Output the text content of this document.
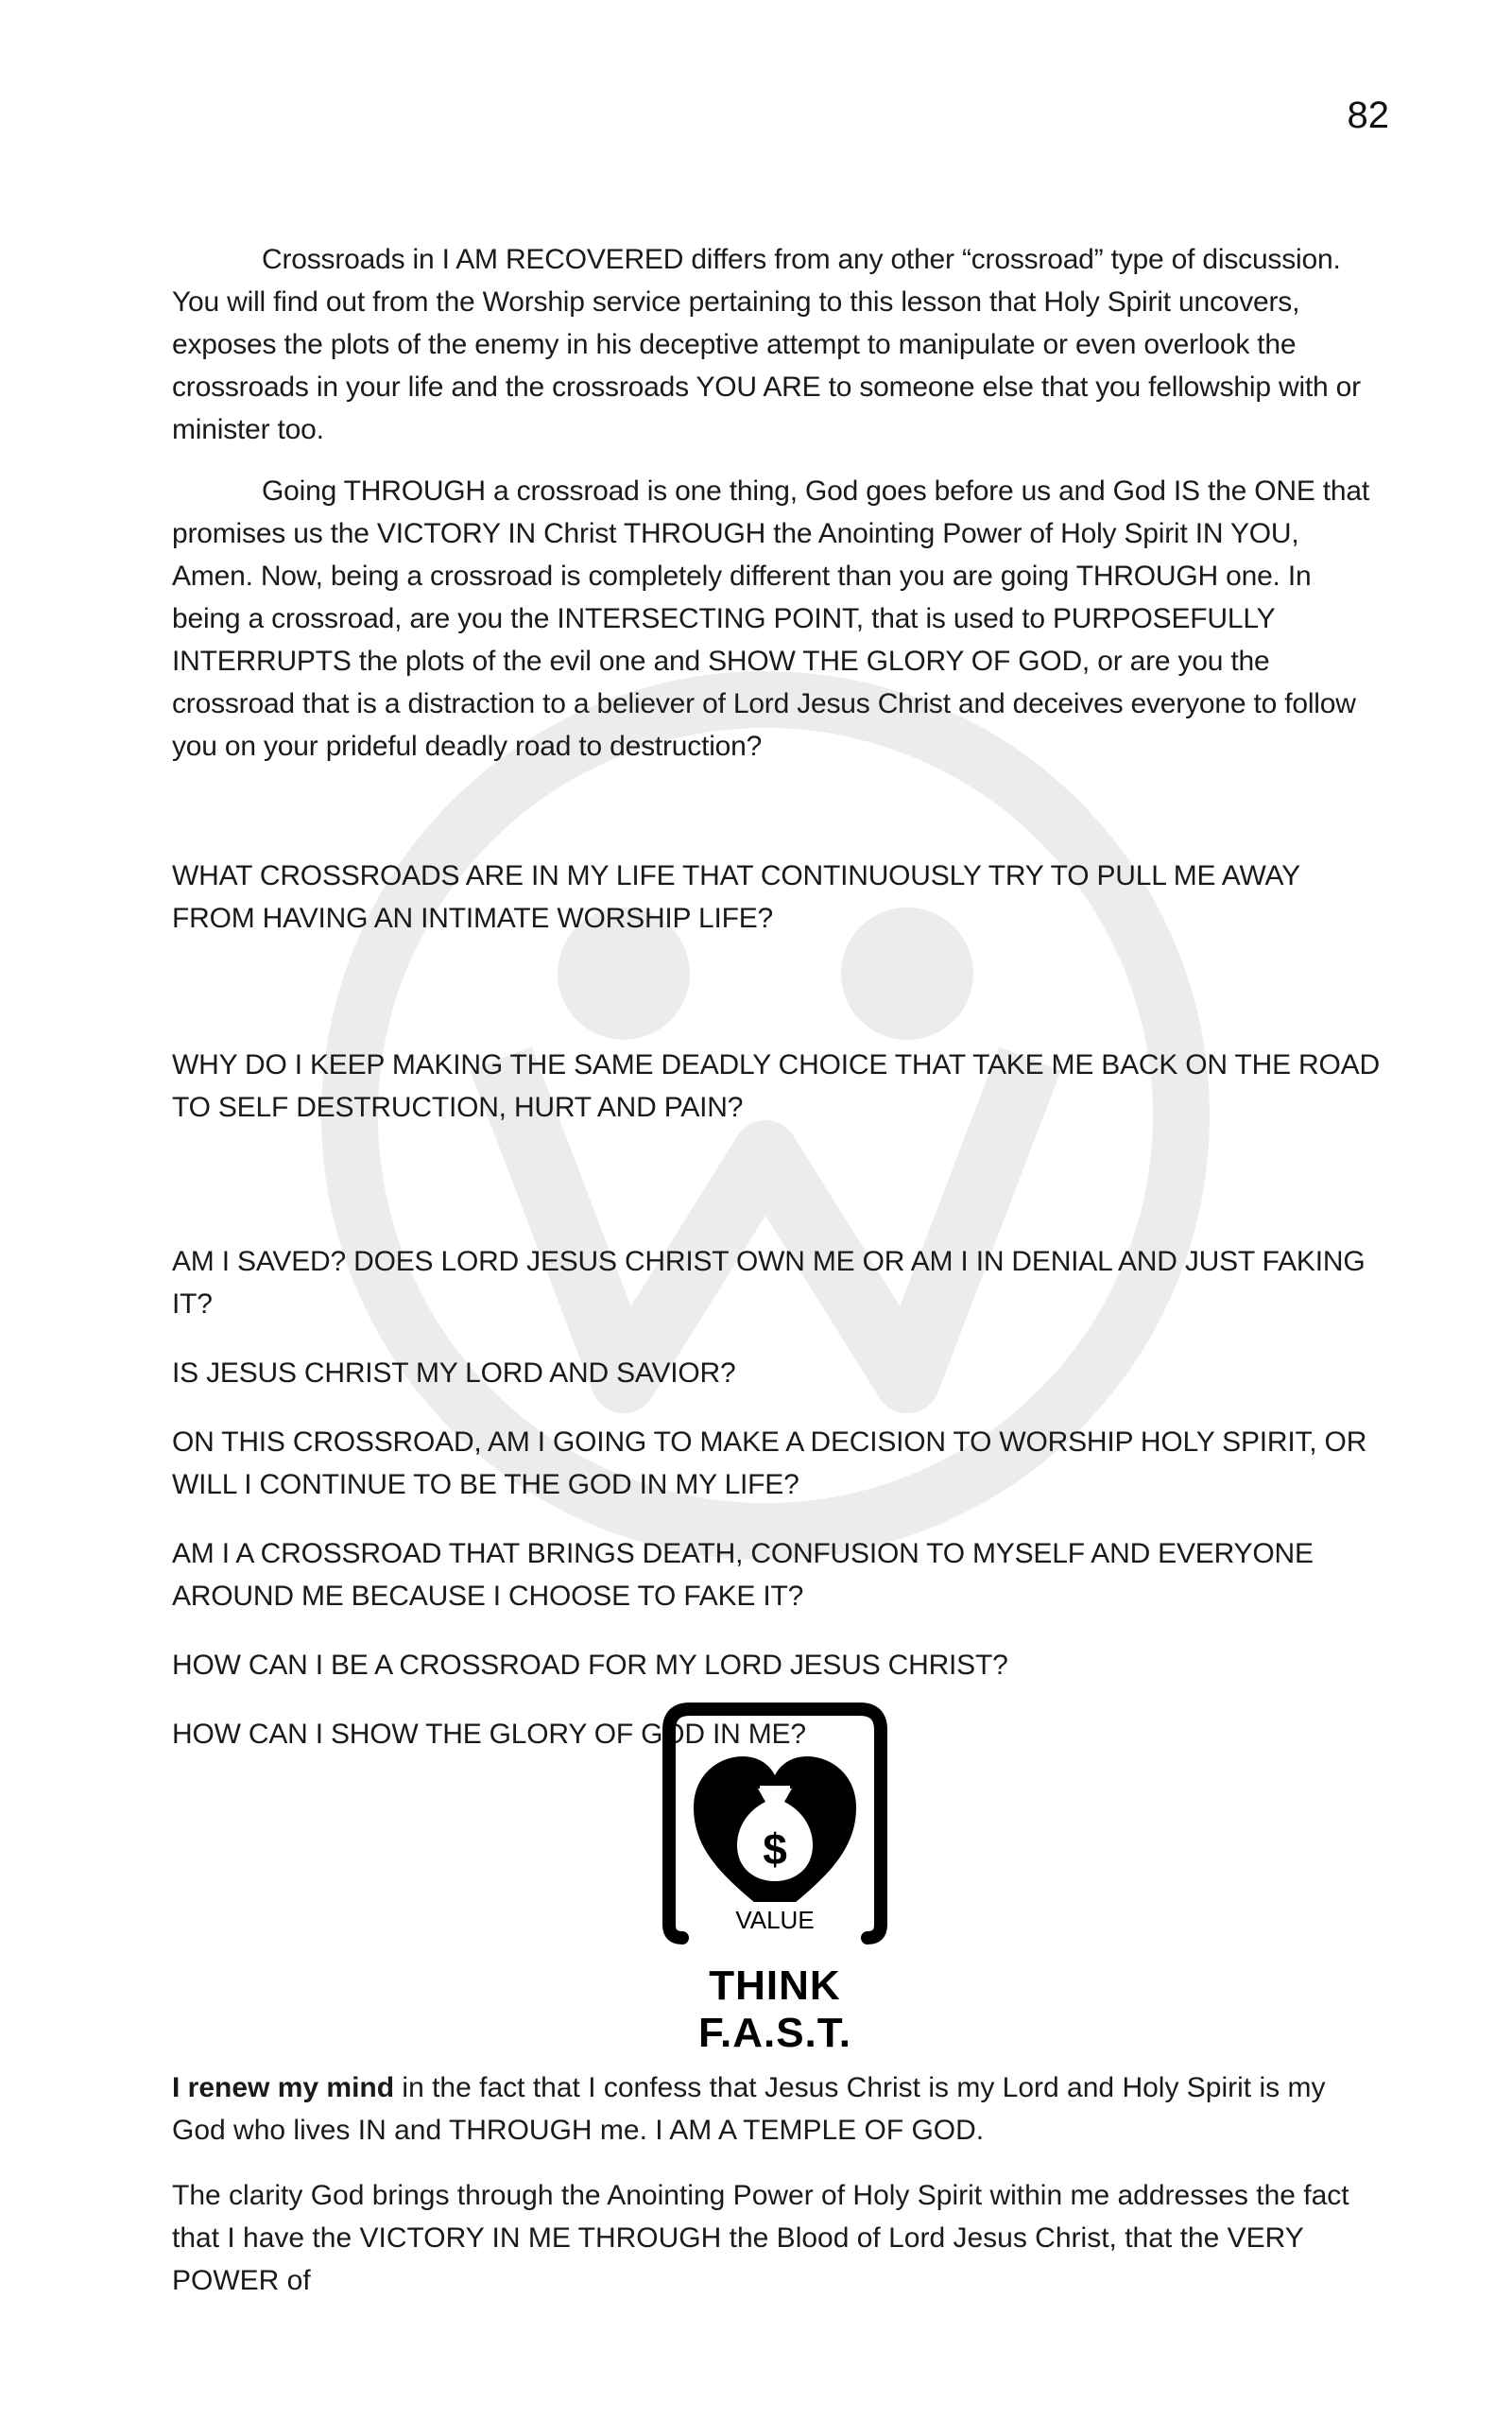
82

Crossroads in I AM RECOVERED differs from any other “crossroad” type of discussion. You will find out from the Worship service pertaining to this lesson that Holy Spirit uncovers, exposes the plots of the enemy in his deceptive attempt to manipulate or even overlook the crossroads in your life and the crossroads YOU ARE to someone else that you fellowship with or minister too.

Going THROUGH a crossroad is one thing, God goes before us and God IS the ONE that promises us the VICTORY IN Christ THROUGH the Anointing Power of Holy Spirit IN YOU, Amen. Now, being a crossroad is completely different than you are going THROUGH one. In being a crossroad, are you the INTERSECTING POINT, that is used to PURPOSEFULLY INTERRUPTS the plots of the evil one and SHOW THE GLORY OF GOD, or are you the crossroad that is a distraction to a believer of Lord Jesus Christ and deceives everyone to follow you on your prideful deadly road to destruction?

WHAT CROSSROADS ARE IN MY LIFE THAT CONTINUOUSLY TRY TO PULL ME AWAY FROM HAVING AN INTIMATE WORSHIP LIFE?

WHY DO I KEEP MAKING THE SAME DEADLY CHOICE THAT TAKE ME BACK ON THE ROAD TO SELF DESTRUCTION, HURT AND PAIN?

AM I SAVED? DOES LORD JESUS CHRIST OWN ME OR AM I IN DENIAL AND JUST FAKING IT?

IS JESUS CHRIST MY LORD AND SAVIOR?

ON THIS CROSSROAD, AM I GOING TO MAKE A DECISION TO WORSHIP HOLY SPIRIT, OR WILL I CONTINUE TO BE THE GOD IN MY LIFE?

AM I A CROSSROAD THAT BRINGS DEATH, CONFUSION TO MYSELF AND EVERYONE AROUND ME BECAUSE I CHOOSE TO FAKE IT?

HOW CAN I BE A CROSSROAD FOR MY LORD JESUS CHRIST?

HOW CAN I SHOW THE GLORY OF GOD IN ME?

$
VALUE
THINK F.A.S.T.

I renew my mind in the fact that I confess that Jesus Christ is my Lord and Holy Spirit is my God who lives IN and THROUGH me. I AM A TEMPLE OF GOD.

The clarity God brings through the Anointing Power of Holy Spirit within me addresses the fact that I have the VICTORY IN ME THROUGH the Blood of Lord Jesus Christ, that the VERY POWER of
